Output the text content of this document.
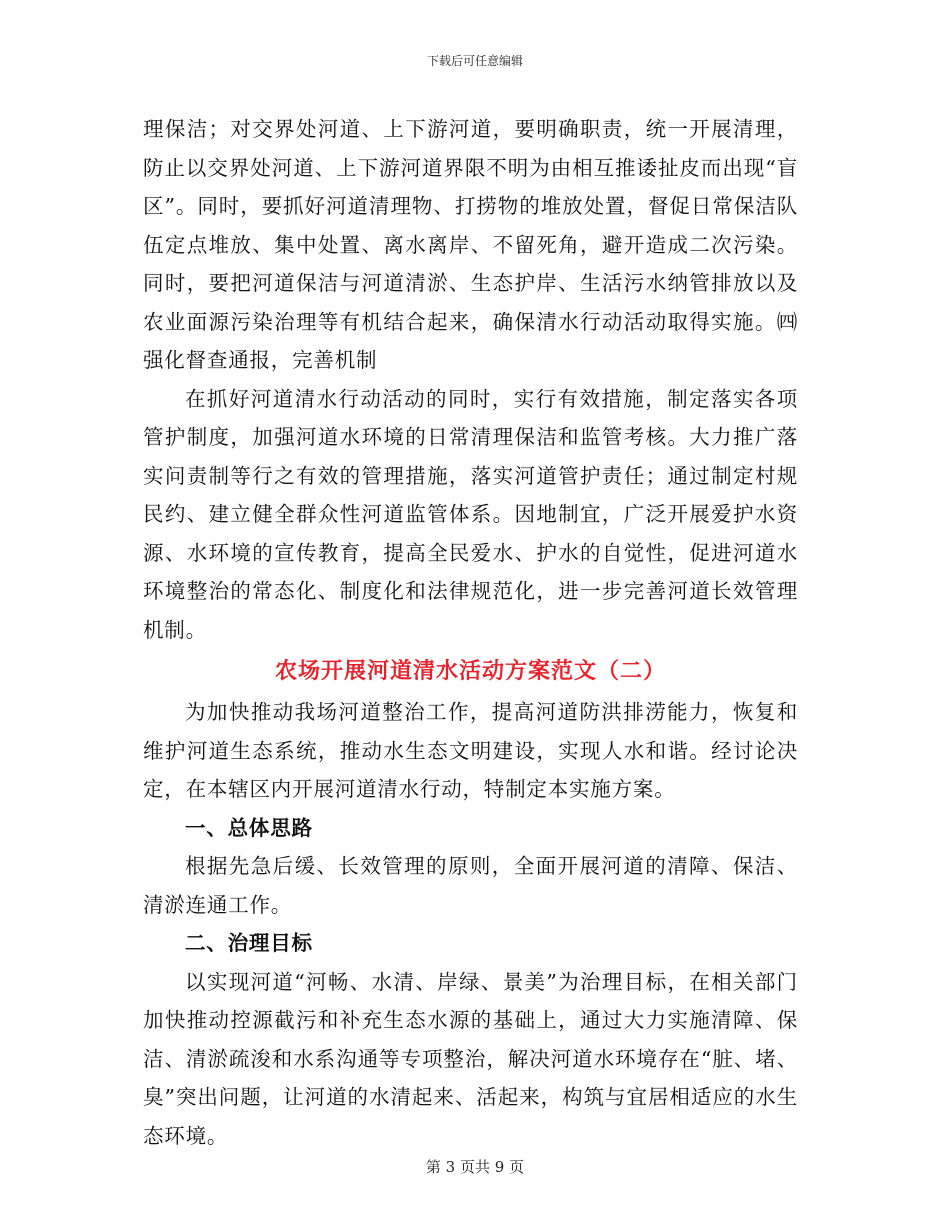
下载后可任意编辑

理保洁；对交界处河道、上下游河道，要明确职责，统一开展清理，防止以交界处河道、上下游河道界限不明为由相互推诿扯皮而出现“盲区”。同时，要抓好河道清理物、打捞物的堆放处置，督促日常保洁队伍定点堆放、集中处置、离水离岸、不留死角，避开造成二次污染。同时，要把河道保洁与河道清淤、生态护岸、生活污水纳管排放以及农业面源污染治理等有机结合起来，确保清水行动活动取得实施。㈣强化督查通报，完善机制

在抓好河道清水行动活动的同时，实行有效措施，制定落实各项管护制度，加强河道水环境的日常清理保洁和监管考核。大力推广落实问责制等行之有效的管理措施，落实河道管护责任；通过制定村规民约、建立健全群众性河道监管体系。因地制宜，广泛开展爱护水资源、水环境的宣传教育，提高全民爱水、护水的自觉性，促进河道水环境整治的常态化、制度化和法律规范化，进一步完善河道长效管理机制。

农场开展河道清水活动方案范文（二）

为加快推动我场河道整治工作，提高河道防洪排涝能力，恢复和维护河道生态系统，推动水生态文明建设，实现人水和谐。经讨论决定，在本辖区内开展河道清水行动，特制定本实施方案。

一、总体思路

根据先急后缓、长效管理的原则，全面开展河道的清障、保洁、清淤连通工作。

二、治理目标

以实现河道“河畅、水清、岸绿、景美”为治理目标，在相关部门加快推动控源截污和补充生态水源的基础上，通过大力实施清障、保洁、清淤疏浚和水系沟通等专项整治，解决河道水环境存在“脏、堵、臭”突出问题，让河道的水清起来、活起来，构筑与宜居相适应的水生态环境。

第 3 页共 9 页
